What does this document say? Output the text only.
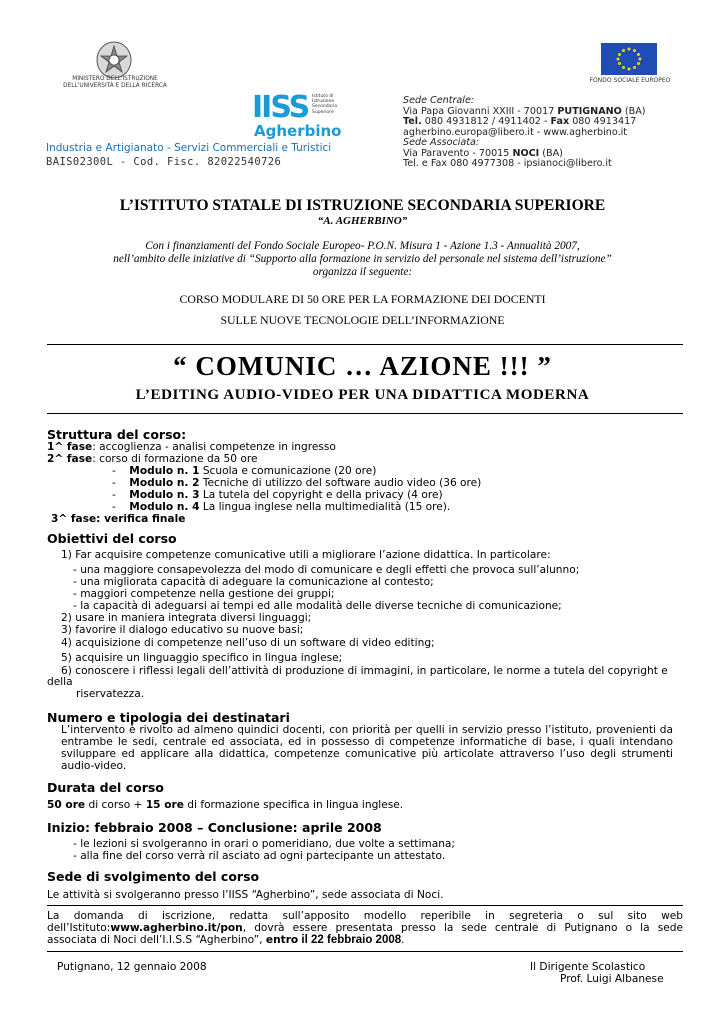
MINISTERO DELL'ISTRUZIONE
DELL'UNIVERSITÀ E DELLA RICERCA
FONDO SOCIALE EUROPEO
IISS Istituto di
Istruzione
Secondaria
Superiore
Agherbino
Industria e Artigianato - Servizi Commerciali e Turistici
BAIS02300L - Cod. Fisc. 82022540726
Sede Centrale:
Via Papa Giovanni XXIII - 70017 PUTIGNANO (BA)
Tel. 080 4931812 / 4911402 - Fax 080 4913417
agherbino.europa@libero.it - www.agherbino.it
Sede Associata:
Via Paravento - 70015 NOCI (BA)
Tel. e Fax 080 4977308 - ipsianoci@libero.it
L’ISTITUTO STATALE DI ISTRUZIONE SECONDARIA SUPERIORE
“A. AGHERBINO”
Con i finanziamenti del Fondo Sociale Europeo- P.O.N. Misura 1 - Azione 1.3 - Annualità 2007,
nell’ambito delle iniziative di “Supporto alla formazione in servizio del personale nel sistema dell’istruzione”
organizza il seguente:
CORSO MODULARE DI 50 ORE PER LA FORMAZIONE DEI DOCENTI
SULLE NUOVE TECNOLOGIE DELL’INFORMAZIONE
“ COMUNIC … AZIONE !!! ”
L’EDITING AUDIO-VIDEO PER UNA DIDATTICA MODERNA
Struttura del corso:
1^ fase: accoglienza - analisi competenze in ingresso
2^ fase: corso di formazione da 50 ore
-    Modulo n. 1 Scuola e comunicazione (20 ore)
-    Modulo n. 2 Tecniche di utilizzo del software audio video (36 ore)
-    Modulo n. 3 La tutela del copyright e della privacy (4 ore)
-    Modulo n. 4 La lingua inglese nella multimedialità (15 ore).
3^ fase: verifica finale
Obiettivi del corso
1) Far acquisire competenze comunicative utili a migliorare l’azione didattica. In particolare:
- una maggiore consapevolezza del modo di comunicare e degli effetti che provoca sull’alunno;
- una migliorata capacità di adeguare la comunicazione al contesto;
- maggiori competenze nella gestione dei gruppi;
- la capacità di adeguarsi ai tempi ed alle modalità delle diverse tecniche di comunicazione;
2) usare in maniera integrata diversi linguaggi;
3) favorire il dialogo educativo su nuove basi;
4) acquisizione di competenze nell’uso di un software di video editing;
5) acquisire un linguaggio specifico in lingua inglese;
6) conoscere i riflessi legali dell’attività di produzione di immagini, in particolare, le norme a tutela del copyright e
della
riservatezza.
Numero e tipologia dei destinatari
L’intervento è rivolto ad almeno quindici docenti, con priorità per quelli in servizio presso l’istituto, provenienti da
entrambe le sedi, centrale ed associata, ed in possesso di competenze informatiche di base, i quali intendano
sviluppare ed applicare alla didattica, competenze comunicative più articolate attraverso l’uso degli strumenti
audio-video.
Durata del corso
50 ore di corso + 15 ore di formazione specifica in lingua inglese.
Inizio: febbraio 2008 – Conclusione: aprile 2008
- le lezioni si svolgeranno in orari o pomeridiano, due volte a settimana;
- alla fine del corso verrà ril asciato ad ogni partecipante un attestato.
Sede di svolgimento del corso
Le attività si svolgeranno presso l’IISS “Agherbino”, sede associata di Noci.
La domanda di iscrizione, redatta sull’apposito modello reperibile in segreteria o sul sito web
dell’Istituto:www.agherbino.it/pon, dovrà essere presentata presso la sede centrale di Putignano o la sede
associata di Noci dell’I.I.S.S “Agherbino”, entro il 22 febbraio 2008.
Putignano, 12 gennaio 2008	Il Dirigente Scolastico
Prof. Luigi Albanese
